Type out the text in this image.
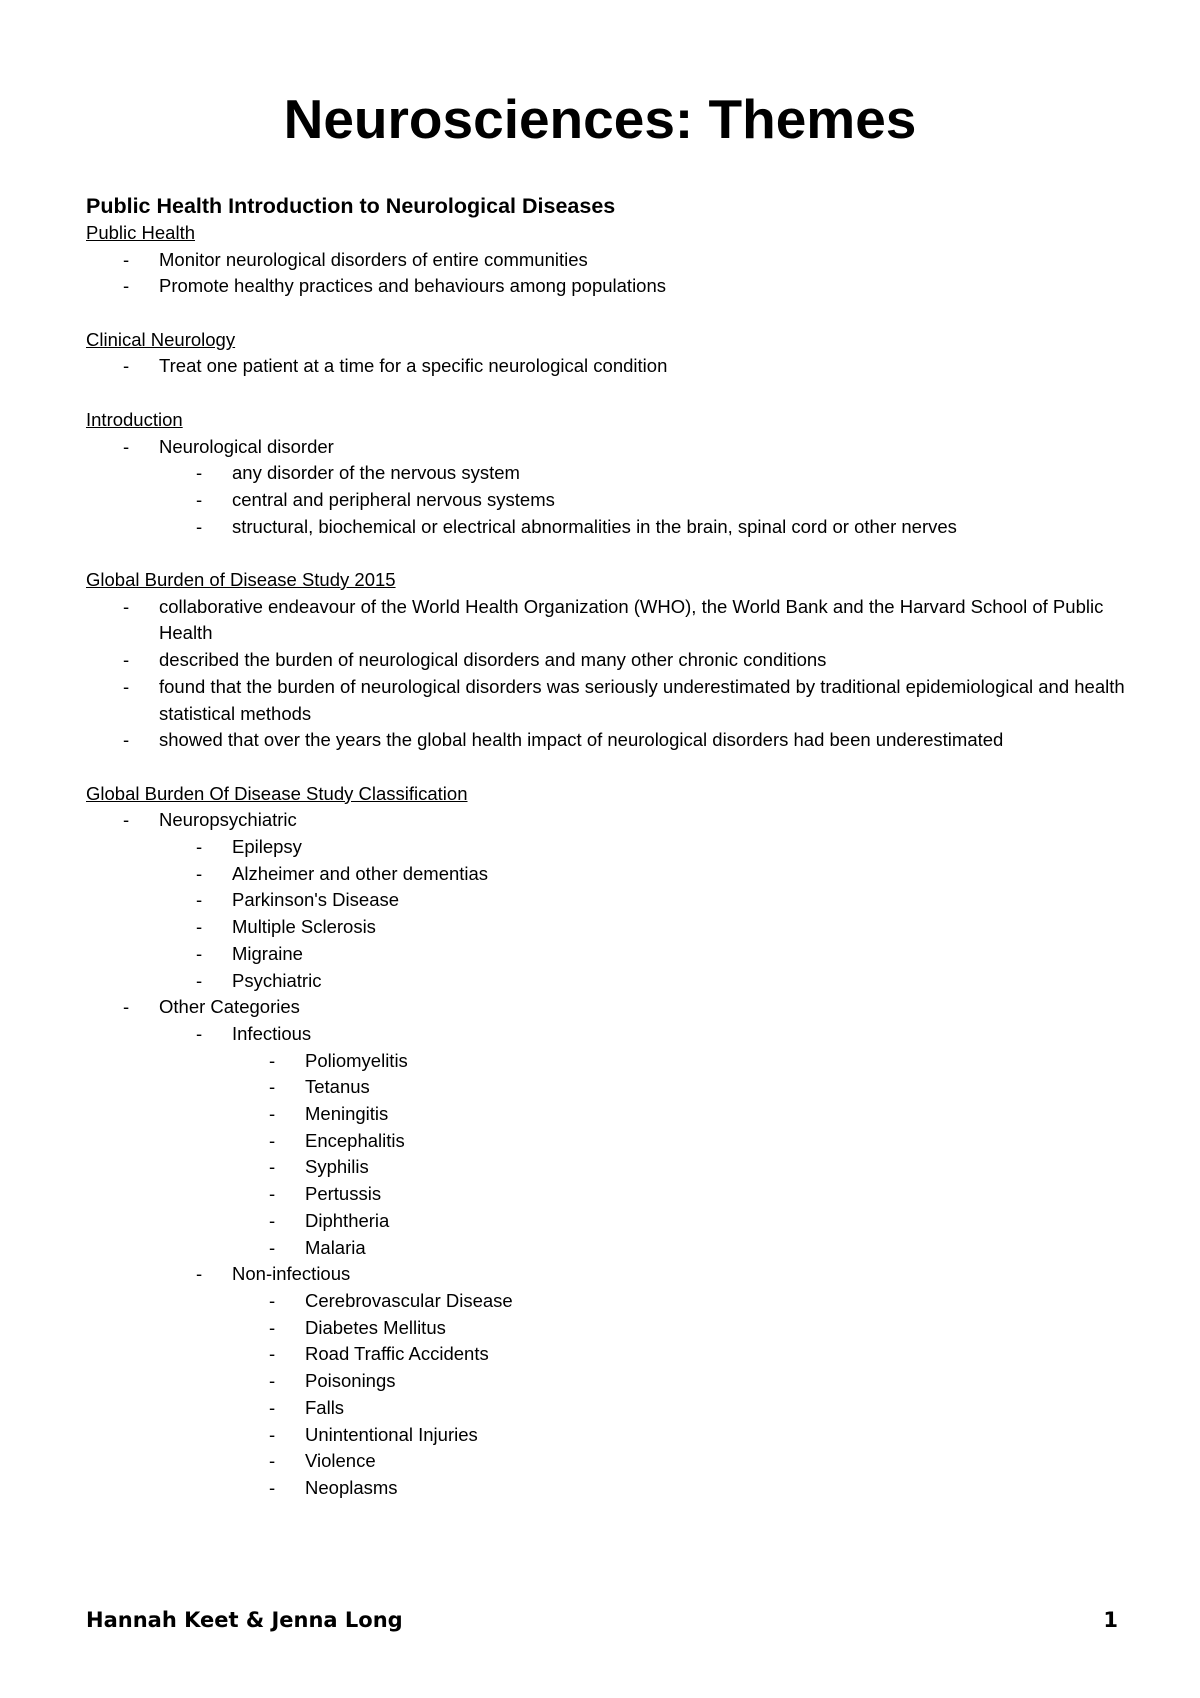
Neurosciences: Themes
Public Health Introduction to Neurological Diseases
Public Health
- Monitor neurological disorders of entire communities
- Promote healthy practices and behaviours among populations
Clinical Neurology
- Treat one patient at a time for a specific neurological condition
Introduction
- Neurological disorder
- any disorder of the nervous system
- central and peripheral nervous systems
- structural, biochemical or electrical abnormalities in the brain, spinal cord or other nerves
Global Burden of Disease Study 2015
- collaborative endeavour of the World Health Organization (WHO), the World Bank and the Harvard School of Public Health
- described the burden of neurological disorders and many other chronic conditions
- found that the burden of neurological disorders was seriously underestimated by traditional epidemiological and health statistical methods
- showed that over the years the global health impact of neurological disorders had been underestimated
Global Burden Of Disease Study Classification
- Neuropsychiatric
- Epilepsy
- Alzheimer and other dementias
- Parkinson's Disease
- Multiple Sclerosis
- Migraine
- Psychiatric
- Other Categories
- Infectious
- Poliomyelitis
- Tetanus
- Meningitis
- Encephalitis
- Syphilis
- Pertussis
- Diphtheria
- Malaria
- Non-infectious
- Cerebrovascular Disease
- Diabetes Mellitus
- Road Traffic Accidents
- Poisonings
- Falls
- Unintentional Injuries
- Violence
- Neoplasms
Hannah Keet & Jenna Long	1
